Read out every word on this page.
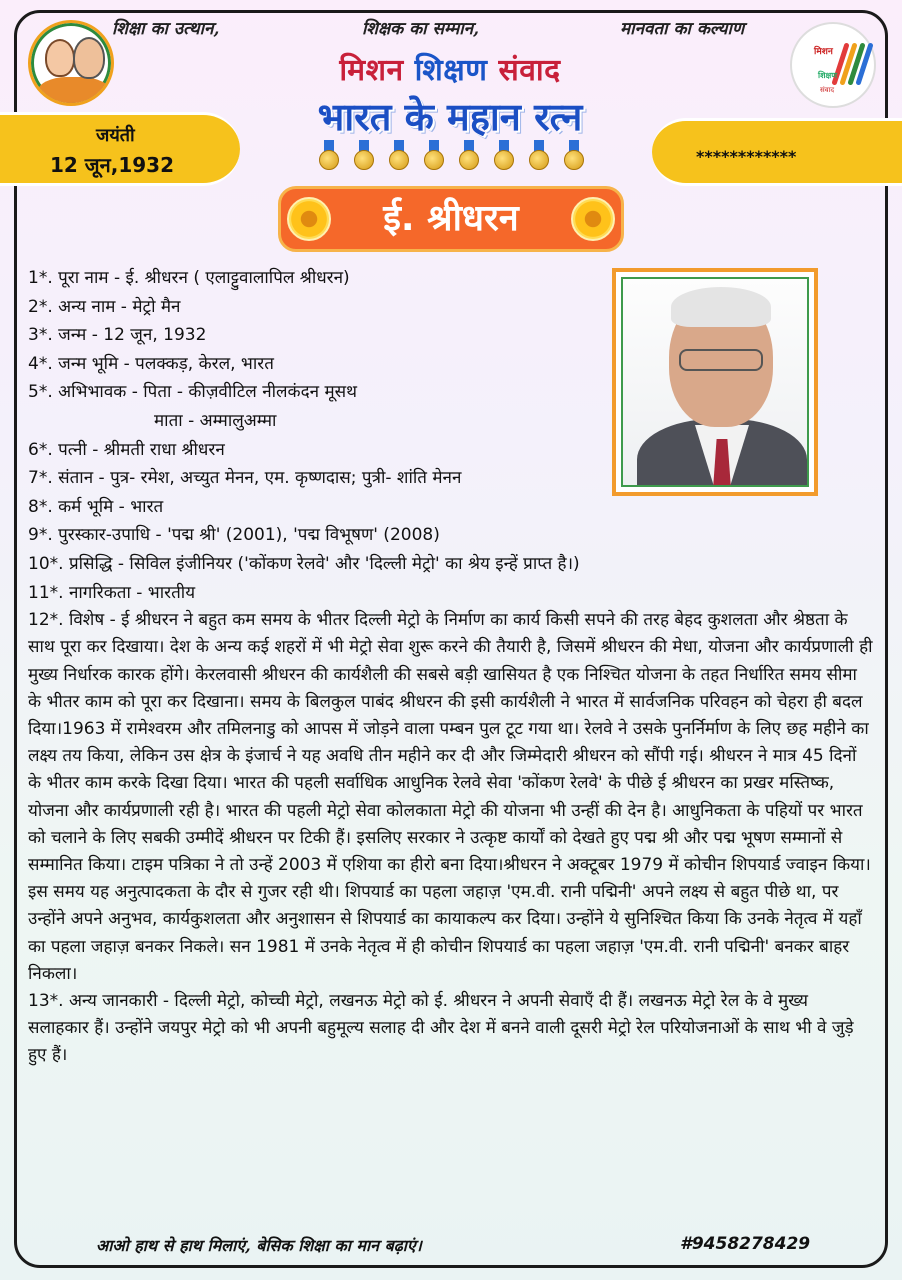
शिक्षा का उत्थान,	शिक्षक का सम्मान,	मानवता का कल्याण
मिशन
शिक्षण
संवाद
मिशन शिक्षण संवाद
भारत के महान रत्न
जयंती
12 जून,1932	************
ई. श्रीधरन
1*. पूरा नाम - ई. श्रीधरन ( एलाट्टुवालापिल श्रीधरन)
2*. अन्य नाम - मेट्रो मैन
3*. जन्म - 12 जून, 1932
4*. जन्म भूमि - पलक्कड़, केरल, भारत
5*. अभिभावक - पिता - कीज़वीटिल नीलकंदन मूसथ
माता - अम्मालुअम्मा
6*. पत्नी - श्रीमती राधा श्रीधरन
7*. संतान - पुत्र- रमेश, अच्युत मेनन, एम. कृष्णदास; पुत्री- शांति मेनन
8*. कर्म भूमि - भारत
9*. पुरस्कार-उपाधि - 'पद्म श्री' (2001), 'पद्म विभूषण' (2008)
10*. प्रसिद्धि - सिविल इंजीनियर ('कोंकण रेलवे' और 'दिल्ली मेट्रो' का श्रेय इन्हें प्राप्त है।)
11*. नागरिकता - भारतीय
12*. विशेष - ई श्रीधरन ने बहुत कम समय के भीतर दिल्ली मेट्रो के निर्माण का कार्य किसी सपने की तरह बेहद कुशलता और श्रेष्ठता के साथ पूरा कर दिखाया। देश के अन्य कई शहरों में भी मेट्रो सेवा शुरू करने की तैयारी है, जिसमें श्रीधरन की मेधा, योजना और कार्यप्रणाली ही मुख्य निर्धारक कारक होंगे। केरलवासी श्रीधरन की कार्यशैली की सबसे बड़ी खासियत है एक निश्चित योजना के तहत निर्धारित समय सीमा के भीतर काम को पूरा कर दिखाना। समय के बिलकुल पाबंद श्रीधरन की इसी कार्यशैली ने भारत में सार्वजनिक परिवहन को चेहरा ही बदल दिया।1963 में रामेश्वरम और तमिलनाडु को आपस में जोड़ने वाला पम्बन पुल टूट गया था। रेलवे ने उसके पुनर्निर्माण के लिए छह महीने का लक्ष्य तय किया, लेकिन उस क्षेत्र के इंजार्च ने यह अवधि तीन महीने कर दी और जिम्मेदारी श्रीधरन को सौंपी गई। श्रीधरन ने मात्र 45 दिनों के भीतर काम करके दिखा दिया। भारत की पहली सर्वाधिक आधुनिक रेलवे सेवा 'कोंकण रेलवे' के पीछे ई श्रीधरन का प्रखर मस्तिष्क, योजना और कार्यप्रणाली रही है। भारत की पहली मेट्रो सेवा कोलकाता मेट्रो की योजना भी उन्हीं की देन है। आधुनिकता के पहियों पर भारत को चलाने के लिए सबकी उम्मीदें श्रीधरन पर टिकी हैं। इसलिए सरकार ने उत्कृष्ट कार्यों को देखते हुए पद्म श्री और पद्म भूषण सम्मानों से सम्मानित किया। टाइम पत्रिका ने तो उन्हें 2003 में एशिया का हीरो बना दिया।श्रीधरन ने अक्टूबर 1979 में कोचीन शिपयार्ड ज्वाइन किया। इस समय यह अनुत्पादकता के दौर से गुजर रही थी। शिपयार्ड का पहला जहाज़ 'एम.वी. रानी पद्मिनी' अपने लक्ष्य से बहुत पीछे था, पर उन्होंने अपने अनुभव, कार्यकुशलता और अनुशासन से शिपयार्ड का कायाकल्प कर दिया। उन्होंने ये सुनिश्चित किया कि उनके नेतृत्व में यहाँ का पहला जहाज़ बनकर निकले। सन 1981 में उनके नेतृत्व में ही कोचीन शिपयार्ड का पहला जहाज़ 'एम.वी. रानी पद्मिनी' बनकर बाहर निकला।
13*. अन्य जानकारी - दिल्ली मेट्रो, कोच्ची मेट्रो, लखनऊ मेट्रो को ई. श्रीधरन ने अपनी सेवाएँ दी हैं। लखनऊ मेट्रो रेल के वे मुख्य सलाहकार हैं। उन्होंने जयपुर मेट्रो को भी अपनी बहुमूल्य सलाह दी और देश में बनने वाली दूसरी मेट्रो रेल परियोजनाओं के साथ भी वे जुड़े हुए हैं।
आओ हाथ से हाथ मिलाएं, बेसिक शिक्षा का मान बढ़ाएं।	#9458278429
